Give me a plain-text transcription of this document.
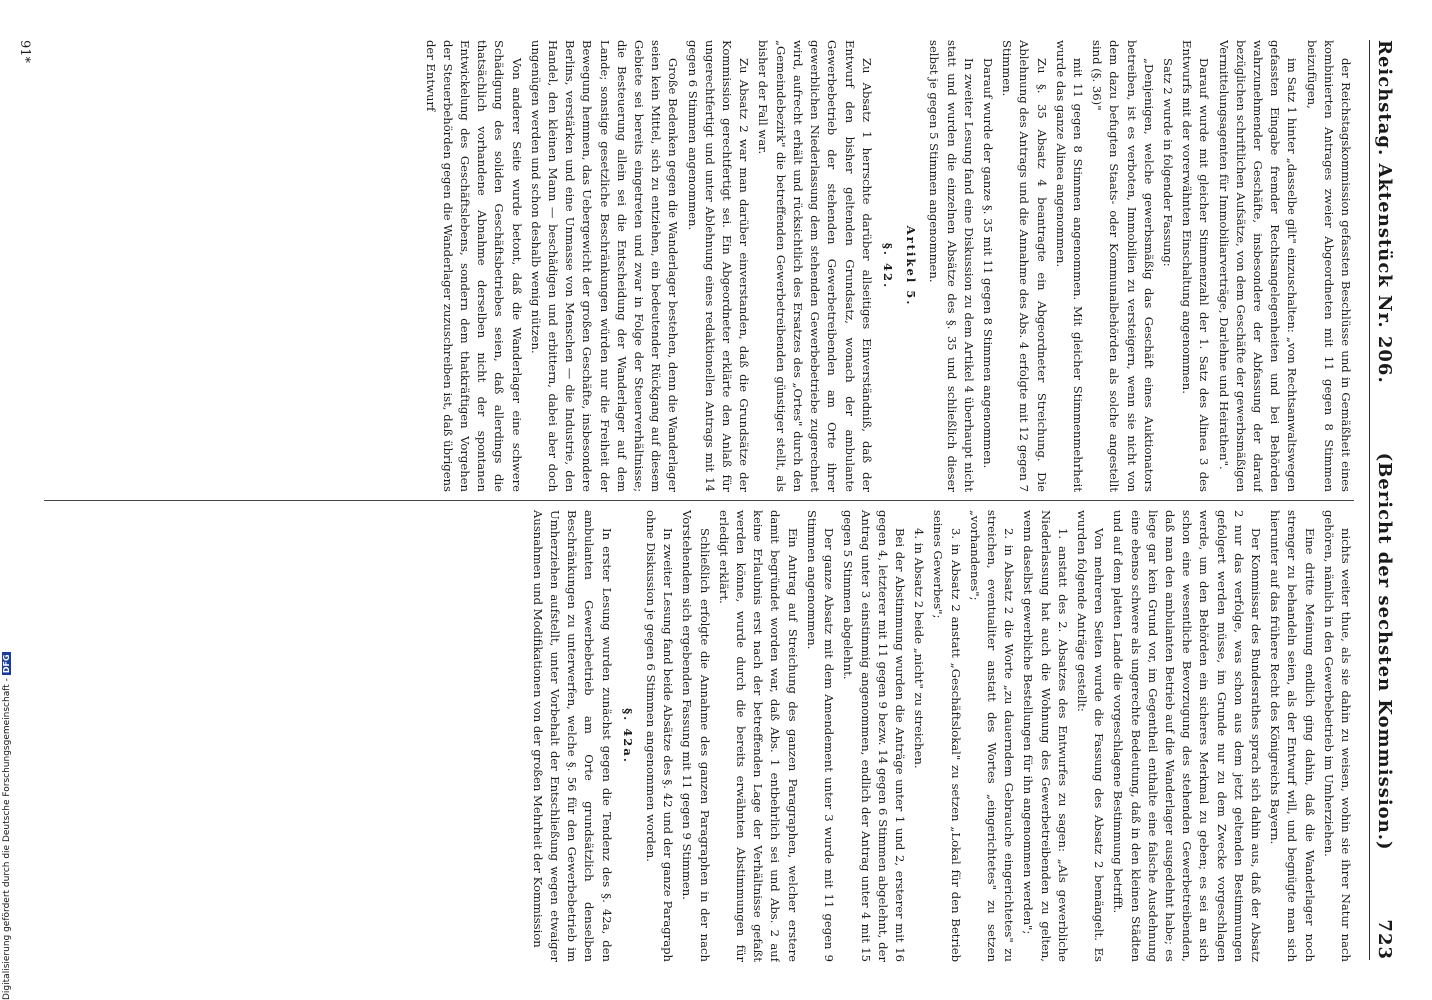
Reichstag. Aktenstück Nr. 206.
(Bericht der sechsten Kommission.)
723

der Reichstagskommission gefassten Beschlüsse und in Gemäßheit eines kombinierten Antrages zweier Abgeordneten mit 11 gegen 8 Stimmen beizufügen,

im Satz 1 hinter „dasselbe gilt" einzuschalten: „von Rechtsanwaltswegen gefassten Eingabe fremder Rechtsangelegenheiten und bei Behörden wahrzunehmender Geschäfte, insbesondere der Abfassung der darauf bezüglichen schriftlichen Aufsätze, von dem Geschäfte der gewerbsmäßigen Vermittelungsagenten für Immobiliarverträge, Darlehne und Heirathen".

Darauf wurde mit gleicher Stimmenzahl der 1. Satz des Alinea 3 des Entwurfs mit der vorerwähnten Einschaltung angenommen.

Satz 2 wurde in folgender Fassung:

„Denjenigen, welche gewerbsmäßig das Geschäft eines Auktionators betreiben, ist es verboten, Immobilien zu versteigern, wenn sie nicht von dem dazu befugten Staats- oder Kommunalbehörden als solche angestellt sind (§. 36)"

mit 11 gegen 8 Stimmen angenommen. Mit gleicher Stimmenmehrheit wurde das ganze Alinea angenommen.

Zu §. 35 Absatz 4 beantragte ein Abgeordneter Streichung. Die Ablehnung des Antrags und die Annahme des Abs. 4 erfolgte mit 12 gegen 7 Stimmen.

Darauf wurde der ganze §. 35 mit 11 gegen 8 Stimmen angenommen.

In zweiter Lesung fand eine Diskussion zu dem Artikel 4 überhaupt nicht statt und wurden die einzelnen Absätze des §. 35 und schließlich dieser selbst je gegen 5 Stimmen angenommen.

Artikel 5.

§. 42.

Zu Absatz 1 herrschte darüber allseitiges Einverständniß, daß der Entwurf den bisher geltenden Grundsatz, wonach der ambulante Gewerbebetrieb der stehenden Gewerbetreibenden am Orte ihrer gewerblichen Niederlassung dem stehenden Gewerbebetriebe zugerechnet wird, aufrecht erhält und rücksichtlich des Ersatzes des „Ortes" durch den „Gemeindebezirk" die betreffenden Gewerbetreibenden günstiger stellt, als bisher der Fall war.

Zu Absatz 2 war man darüber einverstanden, daß die Grundsätze der Kommission gerechtfertigt sei. Ein Abgeordneter erklärte den Anlaß für ungerechtfertigt und unter Ablehnung eines redaktionellen Antrags mit 14 gegen 6 Stimmen angenommen.

Große Bedenken gegen die Wanderlager bestehen, denn die Wanderlager seien kein Mittel, sich zu entziehen, ein bedeutender Rückgang auf diesem Gebiete sei bereits eingetreten und zwar in Folge der Steuerverhältnisse; die Besteuerung allein sei die Entscheidung der Wanderlager auf dem Lande; sonstige gesetzliche Beschränkungen würden nur die Freiheit der Bewegung hemmen, das Uebergewicht der großen Geschäfte, insbesondere Berlins, verstärken und eine Unmasse von Menschen — die Industrie, den Handel, den kleinen Mann — beschädigen und erbittern, dabei aber doch ungenügen werden und schon deshalb wenig nützen.

Von anderer Seite wurde betont, daß die Wanderlager eine schwere Schädigung des soliden Geschäftsbetriebes seien, daß allerdings die thatsächlich vorhandene Abnahme derselben nicht der spontanen Entwickelung des Geschäftslebens, sondern dem thatkräftigen Vorgehen der Steuerbehörden gegen die Wanderlager zuzuschreiben ist, daß übrigens der Entwurf

nichts weiter thue, als sie dahin zu weisen, wohin sie ihrer Natur nach gehören, nämlich in den Gewerbebetrieb im Umherziehen.

Eine dritte Meinung endlich ging dahin, daß die Wanderlager noch strenger zu behandeln seien, als der Entwurf will, und begnügte man sich hierunter auf das frühere Recht des Königreichs Bayern.

Der Kommissar des Bundesrathes sprach sich dahin aus, daß der Absatz 2 nur das verfolge, was schon aus dem jetzt geltenden Bestimmungen gefolgert werden müsse, im Grunde nur zu dem Zwecke vorgeschlagen werde, um den Behörden ein sicheres Merkmal zu geben; es sei an sich schon eine wesentliche Bevorzugung des stehenden Gewerbetreibenden, daß man den ambulanten Betrieb auf die Wanderlager ausgedehnt habe; es liege gar kein Grund vor, im Gegentheil enthalte eine falsche Ausdehnung eine ebenso schwere als ungerechte Bedeutung, daß in den kleinen Städten und auf dem platten Lande die vorgeschlagene Bestimmung betrifft.

Von mehreren Seiten wurde die Fassung des Absatz 2 bemängelt. Es wurden folgende Anträge gestellt:

1. anstatt des 2. Absatzes des Entwurfes zu sagen: „Als gewerbliche Niederlassung hat auch die Wohnung des Gewerbetreibenden zu gelten, wenn daselbst gewerbliche Bestellungen für ihn angenommen werden";

2. in Absatz 2 die Worte „zu dauerndem Gebrauche eingerichtetes" zu streichen, eventualiter anstatt des Wortes „eingerichtetes" zu setzen „vorhandenes";

3. in Absatz 2 anstatt „Geschäftslokal" zu setzen „Lokal für den Betrieb seines Gewerbes";

4. in Absatz 2 beide „nicht" zu streichen.

Bei der Abstimmung wurden die Anträge unter 1 und 2, ersterer mit 16 gegen 4, letzterer mit 11 gegen 9 bezw. 14 gegen 6 Stimmen abgelehnt, der Antrag unter 3 einstimmig angenommen, endlich der Antrag unter 4 mit 15 gegen 5 Stimmen abgelehnt.

Der ganze Absatz mit dem Amendement unter 3 wurde mit 11 gegen 9 Stimmen angenommen.

Ein Antrag auf Streichung des ganzen Paragraphen, welcher erstere damit begründet worden war, daß Abs. 1 entbehrlich sei und Abs. 2 auf keine Erlaubnis erst nach der betreffenden Lage der Verhältnisse gefaßt werden könne, wurde durch die bereits erwähnten Abstimmungen für erledigt erklärt.

Schließlich erfolgte die Annahme des ganzen Paragraphen in der nach Vorstehendem sich ergebenden Fassung mit 11 gegen 9 Stimmen.

In zweiter Lesung fand beide Absätze des §. 42 und der ganze Paragraph ohne Diskussion je gegen 6 Stimmen angenommen worden.

§. 42a.

In erster Lesung wurden zunächst gegen die Tendenz des §. 42a, den ambulanten Gewerbebetrieb am Orte grundsätzlich denselben Beschränkungen zu unterwerfen, welche §. 56 für den Gewerbebetrieb im Umherziehen aufstellt, unter Vorbehalt der Entschließung wegen etwaiger Ausnahmen und Modifikationen von der großen Mehrheit der Kommission

91*
Digitalisierung gefördert durch die Deutsche Forschungsgemeinschaft -DFG
